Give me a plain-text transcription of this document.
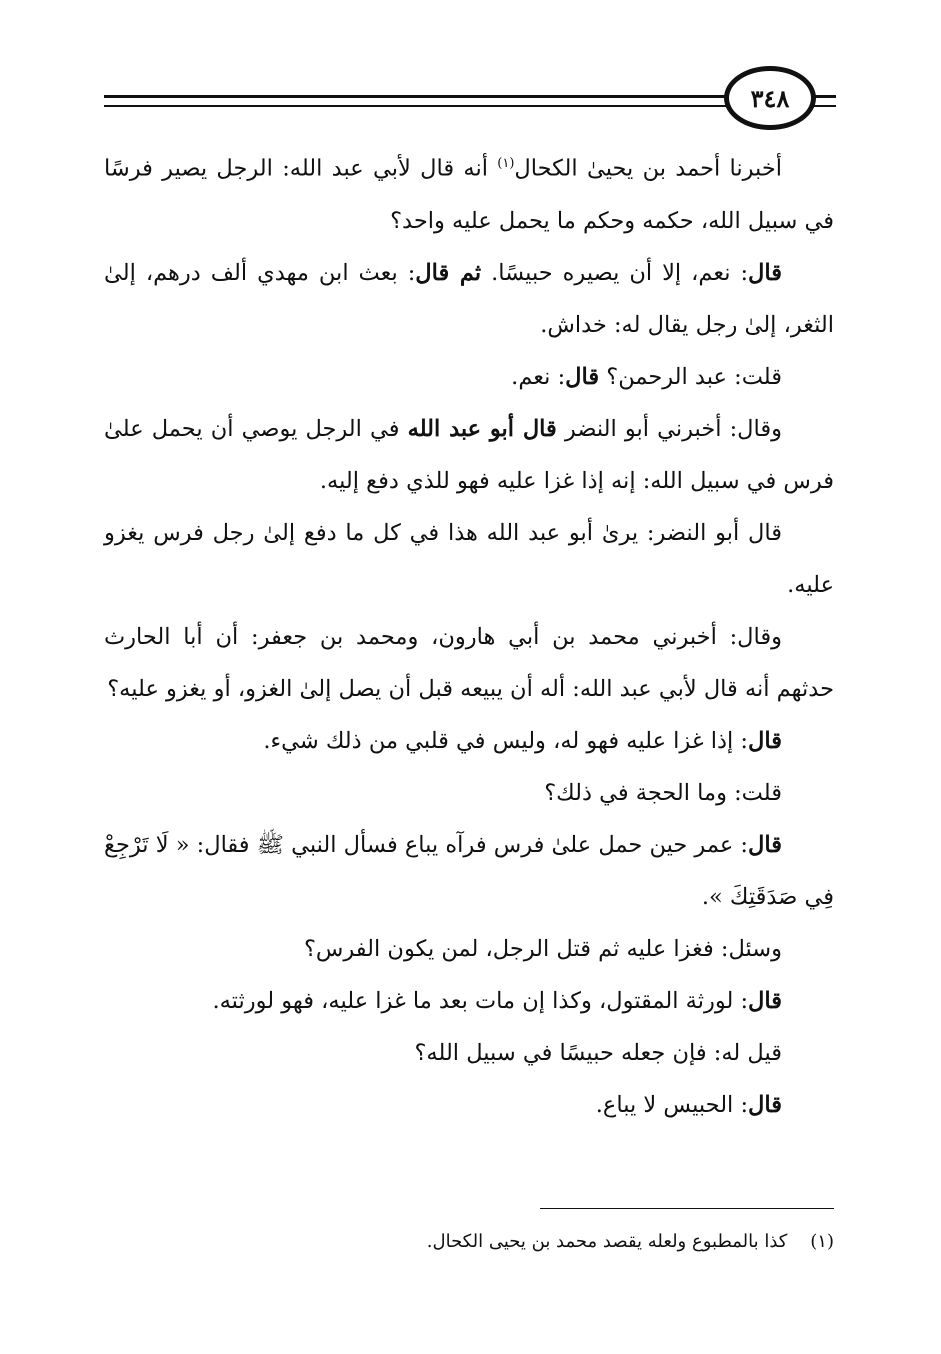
٣٤٨

أخبرنا أحمد بن يحيىٰ الكحال$^{(١)}$ أنه قال لأبي عبد الله: الرجل يصير فرسًا في سبيل الله، حكمه وحكم ما يحمل عليه واحد؟

قال: نعم، إلا أن يصيره حبيسًا. ثم قال: بعث ابن مهدي ألف درهم، إلىٰ الثغر، إلىٰ رجل يقال له: خداش.

قلت: عبد الرحمن؟ قال: نعم.

وقال: أخبرني أبو النضر قال أبو عبد الله في الرجل يوصي أن يحمل علىٰ فرس في سبيل الله: إنه إذا غزا عليه فهو للذي دفع إليه.

قال أبو النضر: يرىٰ أبو عبد الله هذا في كل ما دفع إلىٰ رجل فرس يغزو عليه.

وقال: أخبرني محمد بن أبي هارون، ومحمد بن جعفر: أن أبا الحارث حدثهم أنه قال لأبي عبد الله: أله أن يبيعه قبل أن يصل إلىٰ الغزو، أو يغزو عليه؟

قال: إذا غزا عليه فهو له، وليس في قلبي من ذلك شيء.

قلت: وما الحجة في ذلك؟

قال: عمر حين حمل علىٰ فرس فرآه يباع فسأل النبي ﷺ فقال: « لَا تَرْجِعْ فِي صَدَقَتِكَ ».

وسئل: فغزا عليه ثم قتل الرجل، لمن يكون الفرس؟

قال: لورثة المقتول، وكذا إن مات بعد ما غزا عليه، فهو لورثته.

قيل له: فإن جعله حبيسًا في سبيل الله؟

قال: الحبيس لا يباع.

(١)    كذا بالمطبوع ولعله يقصد محمد بن يحيى الكحال.
